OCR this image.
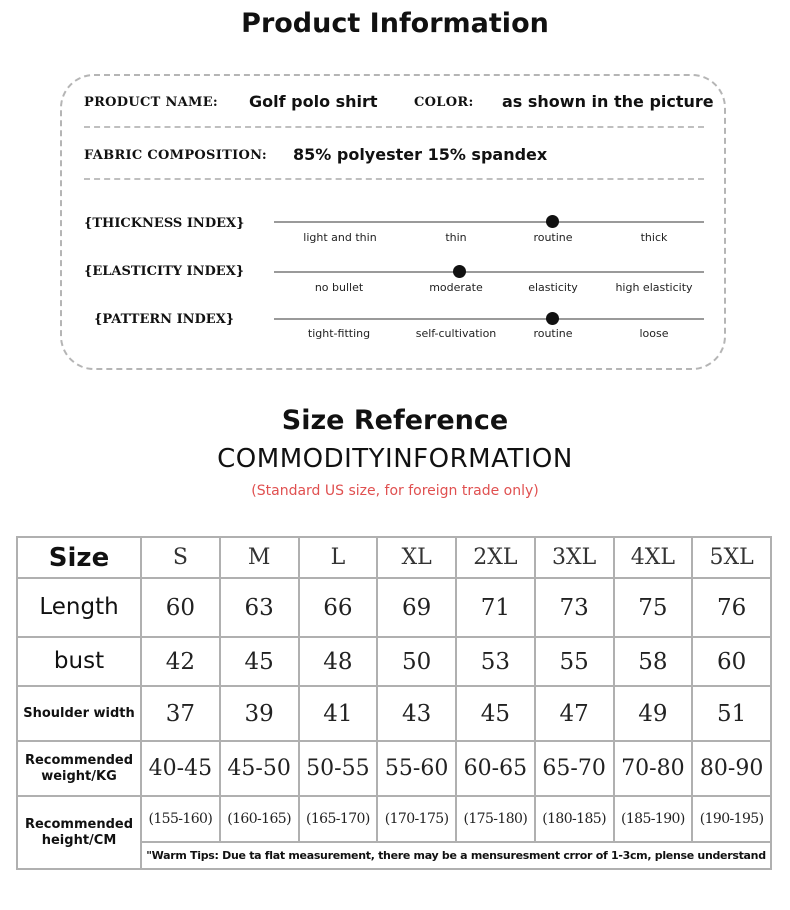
Product Information
PRODUCT NAME: Golf polo shirt	COLOR: as shown in the picture
FABRIC COMPOSITION: 85% polyester 15% spandex
{THICKNESS INDEX}
light and thin	thin	routine	thick
{ELASTICITY INDEX}
no bullet	moderate	elasticity	high elasticity
{PATTERN INDEX}
tight-fitting	self-cultivation	routine	loose
Size Reference
COMMODITYINFORMATION
(Standard US size, for foreign trade only)
Size	S	M	L	XL	2XL	3XL	4XL	5XL
Length	60	63	66	69	71	73	75	76
bust	42	45	48	50	53	55	58	60
Shoulder width	37	39	41	43	45	47	49	51
Recommended weight/KG	40-45	45-50	50-55	55-60	60-65	65-70	70-80	80-90
Recommended height/CM	(155-160)	(160-165)	(165-170)	(170-175)	(175-180)	(180-185)	(185-190)	(190-195)
	"Warm Tips: Due ta flat measurement, there may be a mensuresment crror of 1-3cm, plense understand							
